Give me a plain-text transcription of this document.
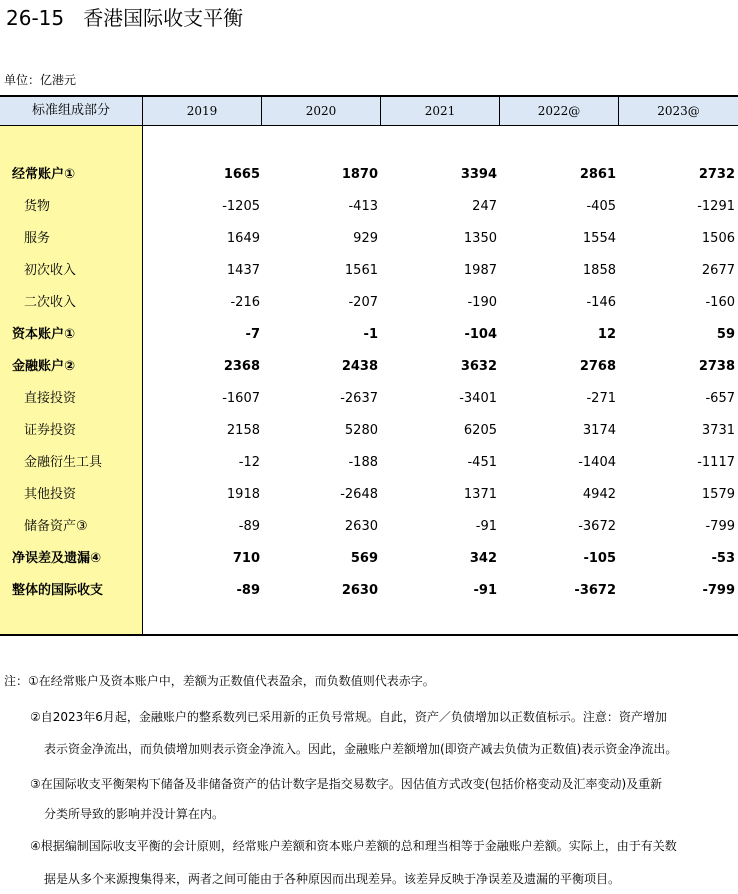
26-15   香港国际收支平衡
单位：亿港元
标准组成部分	2019	2020	2021	2022@	2023@
经常账户①	1665	1870	3394	2861	2732
货物	-1205	-413	247	-405	-1291
服务	1649	929	1350	1554	1506
初次收入	1437	1561	1987	1858	2677
二次收入	-216	-207	-190	-146	-160
资本账户①	-7	-1	-104	12	59
金融账户②	2368	2438	3632	2768	2738
直接投资	-1607	-2637	-3401	-271	-657
证券投资	2158	5280	6205	3174	3731
金融衍生工具	-12	-188	-451	-1404	-1117
其他投资	1918	-2648	1371	4942	1579
储备资产③	-89	2630	-91	-3672	-799
净误差及遗漏④	710	569	342	-105	-53
整体的国际收支	-89	2630	-91	-3672	-799
注：①在经常账户及资本账户中，差额为正数值代表盈余，而负数值则代表赤字。
②自2023年6月起，金融账户的整系数列已采用新的正负号常规。自此，资产／负债增加以正数值标示。注意：资产增加
表示资金净流出，而负债增加则表示资金净流入。因此，金融账户差额增加(即资产减去负债为正数值)表示资金净流出。
③在国际收支平衡架构下储备及非储备资产的估计数字是指交易数字。因估值方式改变(包括价格变动及汇率变动)及重新
分类所导致的影响并没计算在内。
④根据编制国际收支平衡的会计原则，经常账户差额和资本账户差额的总和理当相等于金融账户差额。实际上，由于有关数
据是从多个来源搜集得来，两者之间可能由于各种原因而出现差异。该差异反映于净误差及遗漏的平衡项目。
